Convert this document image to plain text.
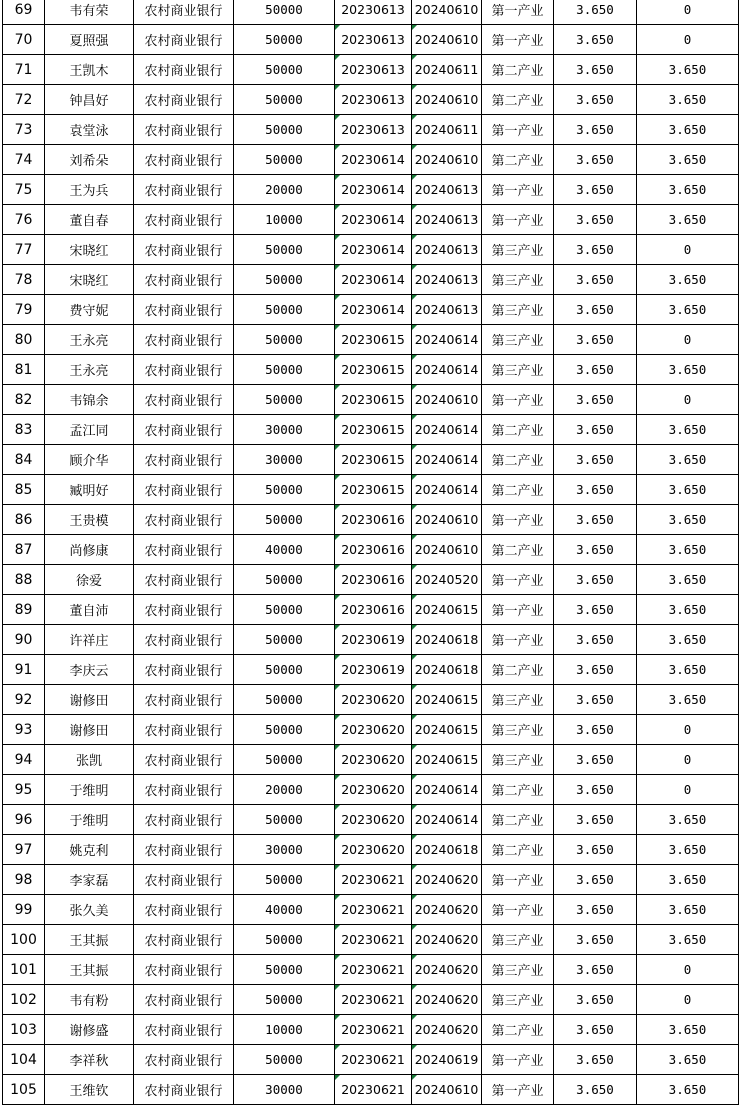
69	韦有荣	农村商业银行	50000	20230613	20240610	第一产业	3.650	0
70	夏照强	农村商业银行	50000	20230613	20240610	第一产业	3.650	0
71	王凯木	农村商业银行	50000	20230613	20240611	第二产业	3.650	3.650
72	钟昌好	农村商业银行	50000	20230613	20240610	第二产业	3.650	3.650
73	袁堂泳	农村商业银行	50000	20230613	20240611	第一产业	3.650	3.650
74	刘希朵	农村商业银行	50000	20230614	20240610	第二产业	3.650	3.650
75	王为兵	农村商业银行	20000	20230614	20240613	第一产业	3.650	3.650
76	董自春	农村商业银行	10000	20230614	20240613	第一产业	3.650	3.650
77	宋晓红	农村商业银行	50000	20230614	20240613	第三产业	3.650	0
78	宋晓红	农村商业银行	50000	20230614	20240613	第三产业	3.650	3.650
79	费守妮	农村商业银行	50000	20230614	20240613	第三产业	3.650	3.650
80	王永亮	农村商业银行	50000	20230615	20240614	第三产业	3.650	0
81	王永亮	农村商业银行	50000	20230615	20240614	第三产业	3.650	3.650
82	韦锦余	农村商业银行	50000	20230615	20240610	第一产业	3.650	0
83	孟江同	农村商业银行	30000	20230615	20240614	第二产业	3.650	3.650
84	顾介华	农村商业银行	30000	20230615	20240614	第二产业	3.650	3.650
85	臧明好	农村商业银行	50000	20230615	20240614	第二产业	3.650	3.650
86	王贵模	农村商业银行	50000	20230616	20240610	第一产业	3.650	3.650
87	尚修康	农村商业银行	40000	20230616	20240610	第二产业	3.650	3.650
88	徐爱	农村商业银行	50000	20230616	20240520	第一产业	3.650	3.650
89	董自沛	农村商业银行	50000	20230616	20240615	第一产业	3.650	3.650
90	许祥庄	农村商业银行	50000	20230619	20240618	第一产业	3.650	3.650
91	李庆云	农村商业银行	50000	20230619	20240618	第二产业	3.650	3.650
92	谢修田	农村商业银行	50000	20230620	20240615	第三产业	3.650	3.650
93	谢修田	农村商业银行	50000	20230620	20240615	第三产业	3.650	0
94	张凯	农村商业银行	50000	20230620	20240615	第三产业	3.650	0
95	于维明	农村商业银行	20000	20230620	20240614	第二产业	3.650	0
96	于维明	农村商业银行	50000	20230620	20240614	第二产业	3.650	3.650
97	姚克利	农村商业银行	30000	20230620	20240618	第二产业	3.650	3.650
98	李家磊	农村商业银行	50000	20230621	20240620	第一产业	3.650	3.650
99	张久美	农村商业银行	40000	20230621	20240620	第一产业	3.650	3.650
100	王其振	农村商业银行	50000	20230621	20240620	第三产业	3.650	3.650
101	王其振	农村商业银行	50000	20230621	20240620	第三产业	3.650	0
102	韦有粉	农村商业银行	50000	20230621	20240620	第三产业	3.650	0
103	谢修盛	农村商业银行	10000	20230621	20240620	第二产业	3.650	3.650
104	李祥秋	农村商业银行	50000	20230621	20240619	第一产业	3.650	3.650
105	王维钦	农村商业银行	30000	20230621	20240610	第一产业	3.650	3.650
